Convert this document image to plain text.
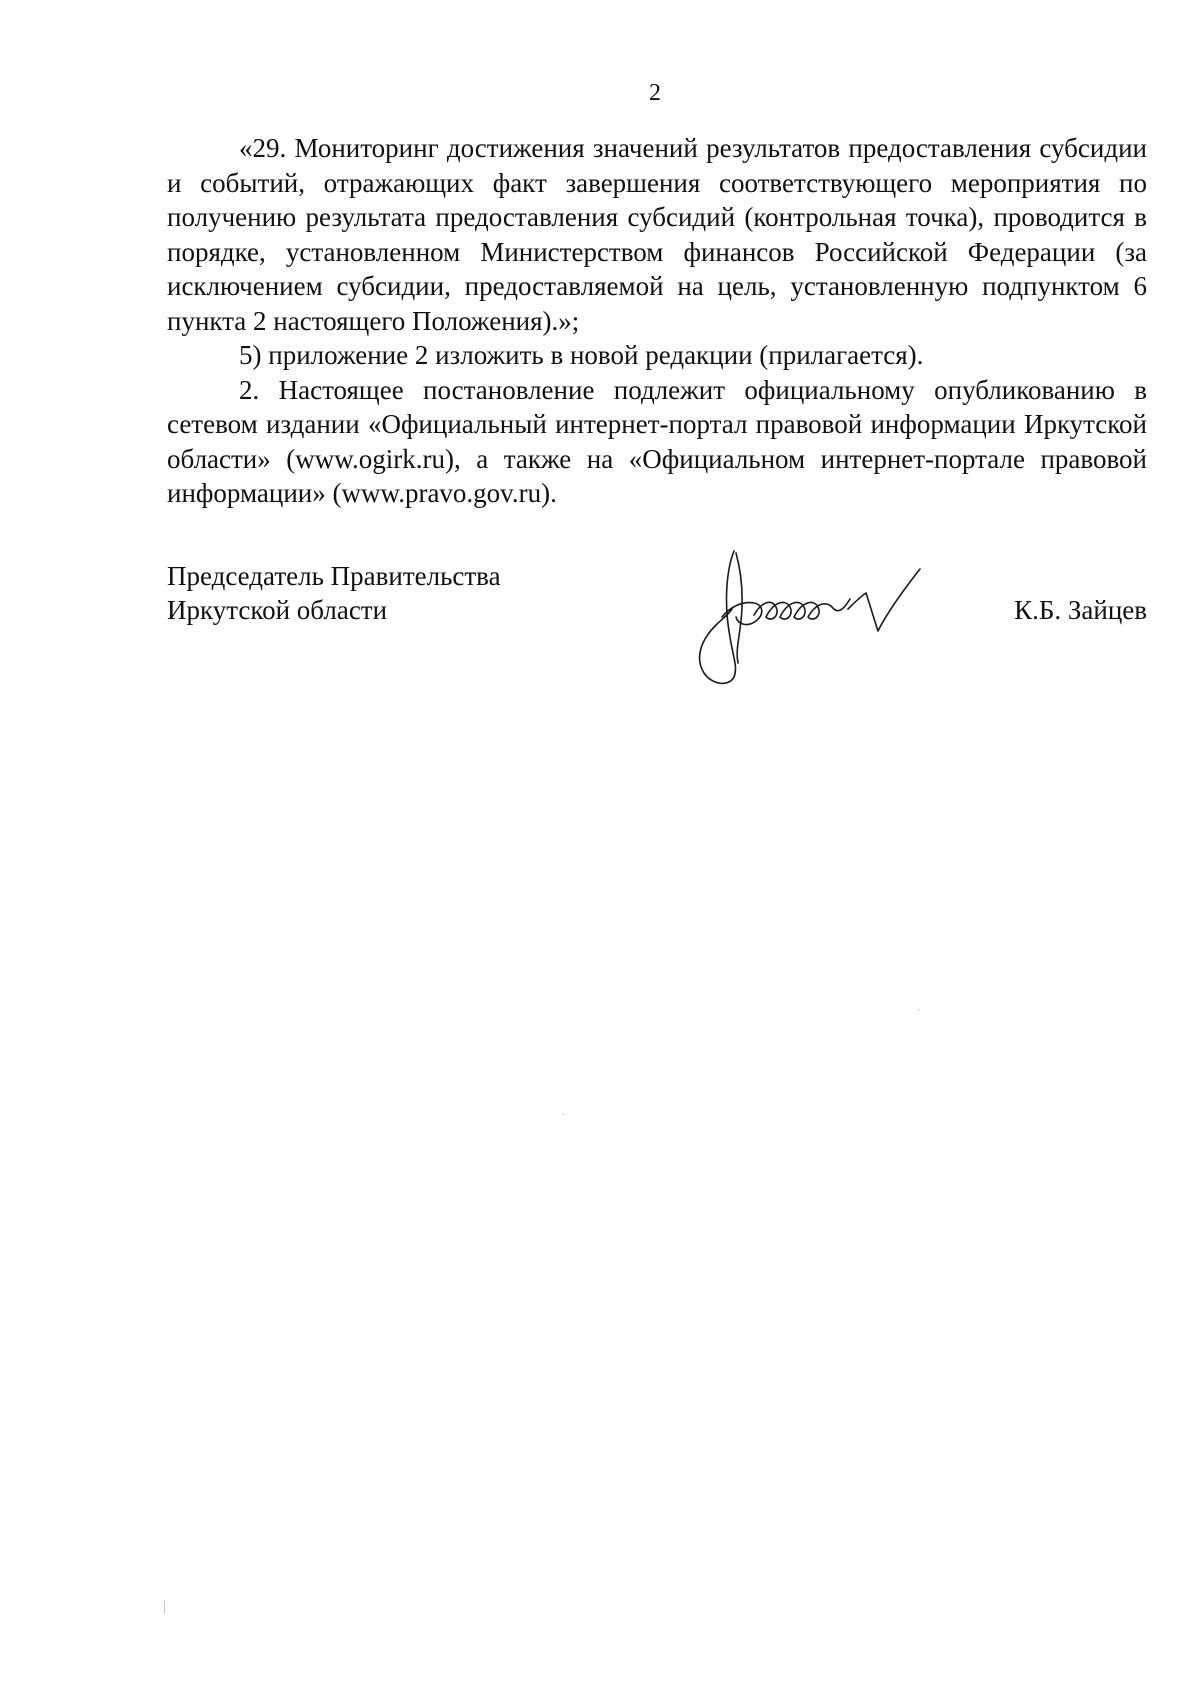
2

«29. Мониторинг достижения значений результатов предоставления субсидии и событий, отражающих факт завершения соответствующего мероприятия по получению результата предоставления субсидий (контрольная точка), проводится в порядке, установленном Министерством финансов Российской Федерации (за исключением субсидии, предоставляемой на цель, установленную подпунктом 6 пункта 2 настоящего Положения).»;

5) приложение 2 изложить в новой редакции (прилагается).

2. Настоящее постановление подлежит официальному опубликованию в сетевом издании «Официальный интернет-портал правовой информации Иркутской области» (www.ogirk.ru), а также на «Официальном интернет-портале правовой информации» (www.pravo.gov.ru).

Председатель Правительства
Иркутской области	К.Б. Зайцев
